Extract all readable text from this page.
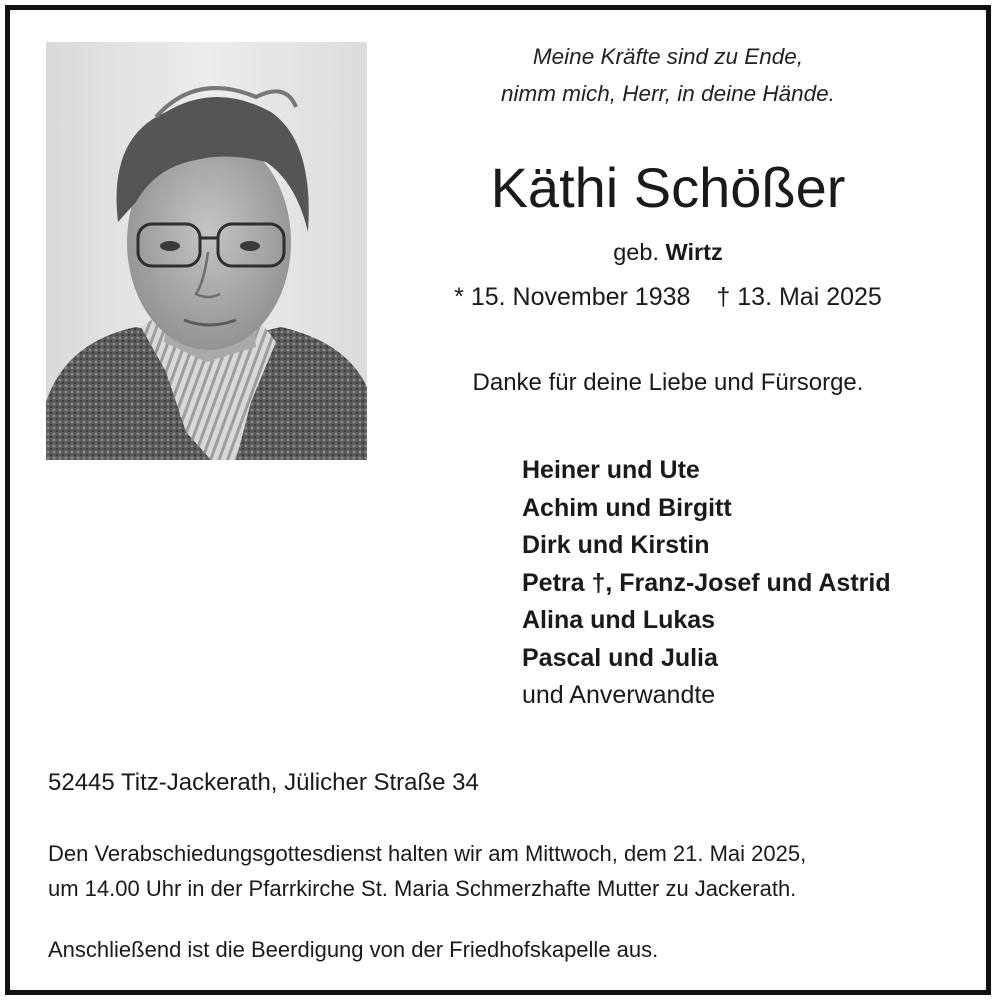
Meine Kräfte sind zu Ende,
nimm mich, Herr, in deine Hände.
Käthi Schößer
geb. Wirtz
* 15. November 1938 † 13. Mai 2025
Danke für deine Liebe und Fürsorge.
Heiner und Ute
Achim und Birgitt
Dirk und Kirstin
Petra †, Franz-Josef und Astrid
Alina und Lukas
Pascal und Julia
und Anverwandte
52445 Titz-Jackerath, Jülicher Straße 34
Den Verabschiedungsgottesdienst halten wir am Mittwoch, dem 21. Mai 2025,
um 14.00 Uhr in der Pfarrkirche St. Maria Schmerzhafte Mutter zu Jackerath.
Anschließend ist die Beerdigung von der Friedhofskapelle aus.
